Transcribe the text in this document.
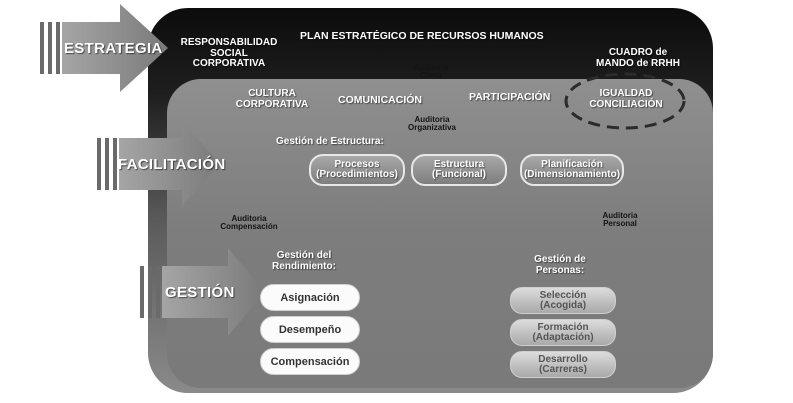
ESTRATEGIA
FACILITACIÓN
GESTIÓN
RESPONSABILIDAD
SOCIAL
CORPORATIVA
PLAN ESTRATÉGICO DE RECURSOS HUMANOS
CUADRO de
MANDO de RRHH
Auditoria
Clima
Auditoria
Organizativa
Auditoria
Compensación
Auditoria
Personal
CULTURA
CORPORATIVA	COMUNICACIÓN	PARTICIPACIÓN	IGUALDAD
CONCILIACIÓN
Gestión de Estructura:
Procesos
(Procedimientos)
Estructura
(Funcional)
Planificación
(Dimensionamiento)
Gestión del
Rendimiento:
Asignación
Desempeño
Compensación
Gestión de
Personas:
Selección
(Acogida)
Formación
(Adaptación)
Desarrollo
(Carreras)
